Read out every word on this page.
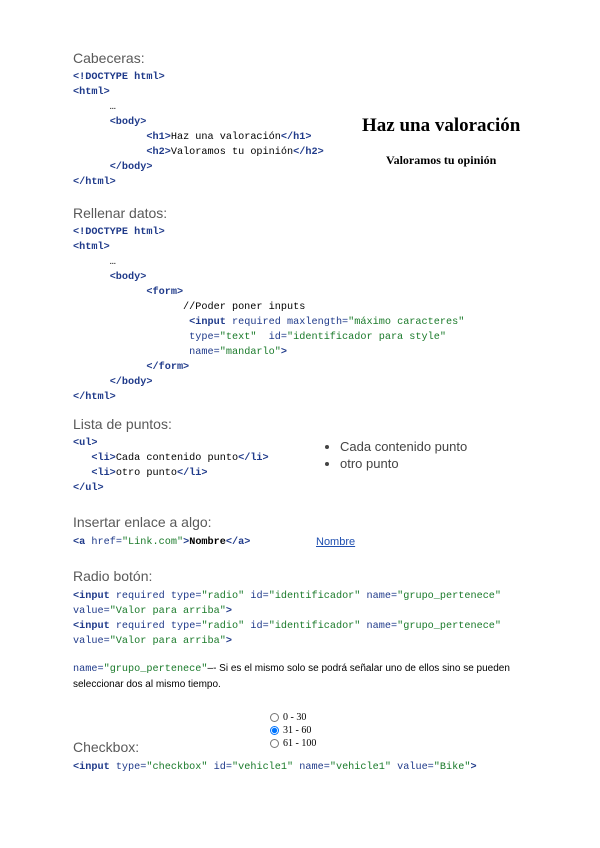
Cabeceras:
<!DOCTYPE html>
<html>
…
<body>
<h1>Haz una valoración</h1>
<h2>Valoramos tu opinión</h2>
</body>
</html>
Haz una valoración
Valoramos tu opinión
Rellenar datos:
<!DOCTYPE html>
<html>
…
<body>
<form>
//Poder poner inputs
<input required maxlength="máximo caracteres"
type="text" id="identificador para style"
name="mandarlo">
</form>
</body>
</html>
Lista de puntos:
<ul>
<li>Cada contenido punto</li>
<li>otro punto</li>
</ul>
• Cada contenido punto
• otro punto
Insertar enlace a algo:
<a href="Link.com">Nombre</a>	Nombre
Radio botón:
<input required type="radio" id="identificador" name="grupo_pertenece"
value="Valor para arriba">
<input required type="radio" id="identificador" name="grupo_pertenece"
value="Valor para arriba">
name="grupo_pertenece"–- Si es el mismo solo se podrá señalar uno de ellos sino se pueden seleccionar dos al mismo tiempo.
0 - 30
31 - 60
61 - 100
Checkbox:
<input type="checkbox" id="vehicle1" name="vehicle1" value="Bike">
